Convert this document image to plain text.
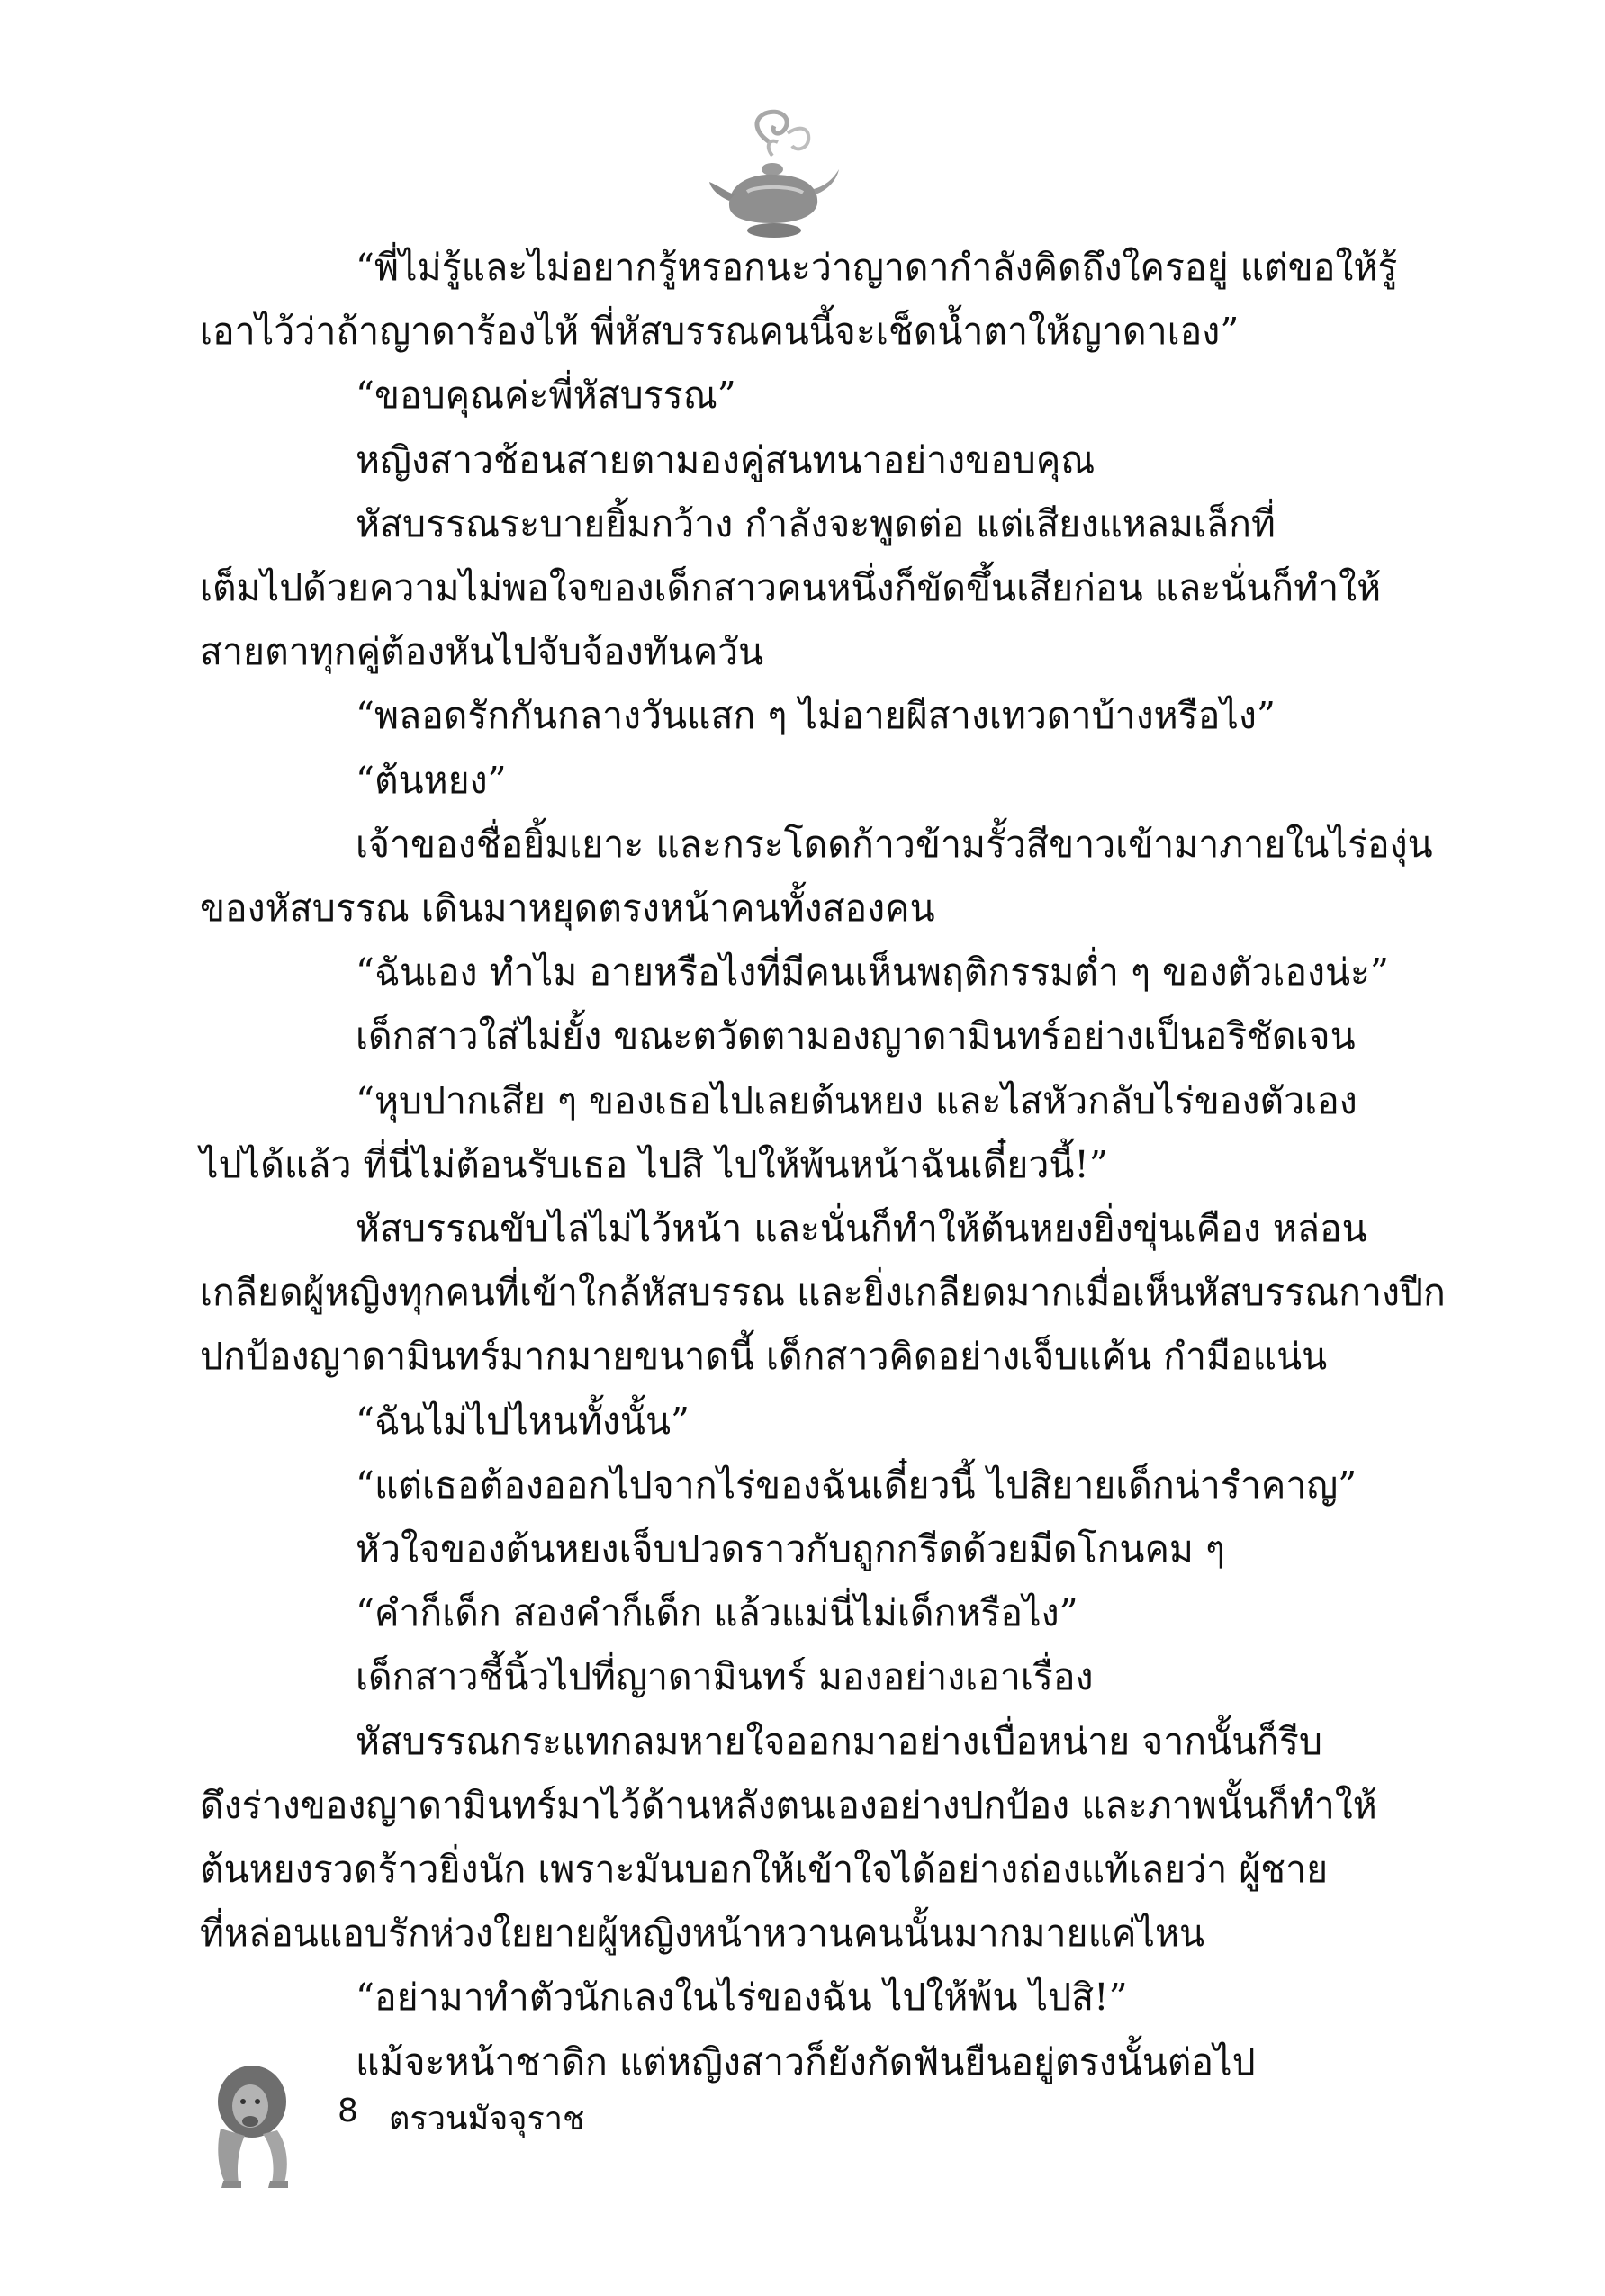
“พี่ไม่รู้และไม่อยากรู้หรอกนะว่าญาดากำลังคิดถึงใครอยู่ แต่ขอให้รู้

เอาไว้ว่าถ้าญาดาร้องไห้ พี่หัสบรรณคนนี้จะเช็ดน้ำตาให้ญาดาเอง”

“ขอบคุณค่ะพี่หัสบรรณ”

หญิงสาวช้อนสายตามองคู่สนทนาอย่างขอบคุณ

หัสบรรณระบายยิ้มกว้าง กำลังจะพูดต่อ แต่เสียงแหลมเล็กที่

เต็มไปด้วยความไม่พอใจของเด็กสาวคนหนึ่งก็ขัดขึ้นเสียก่อน และนั่นก็ทำให้

สายตาทุกคู่ต้องหันไปจับจ้องทันควัน

“พลอดรักกันกลางวันแสก ๆ ไม่อายผีสางเทวดาบ้างหรือไง”

“ต้นหยง”

เจ้าของชื่อยิ้มเยาะ และกระโดดก้าวข้ามรั้วสีขาวเข้ามาภายในไร่องุ่น

ของหัสบรรณ เดินมาหยุดตรงหน้าคนทั้งสองคน

“ฉันเอง ทำไม อายหรือไงที่มีคนเห็นพฤติกรรมต่ำ ๆ ของตัวเองน่ะ”

เด็กสาวใส่ไม่ยั้ง ขณะตวัดตามองญาดามินทร์อย่างเป็นอริชัดเจน

“หุบปากเสีย ๆ ของเธอไปเลยต้นหยง และไสหัวกลับไร่ของตัวเอง

ไปได้แล้ว ที่นี่ไม่ต้อนรับเธอ ไปสิ ไปให้พ้นหน้าฉันเดี๋ยวนี้!”

หัสบรรณขับไล่ไม่ไว้หน้า และนั่นก็ทำให้ต้นหยงยิ่งขุ่นเคือง หล่อน

เกลียดผู้หญิงทุกคนที่เข้าใกล้หัสบรรณ และยิ่งเกลียดมากเมื่อเห็นหัสบรรณกางปีก

ปกป้องญาดามินทร์มากมายขนาดนี้ เด็กสาวคิดอย่างเจ็บแค้น กำมือแน่น

“ฉันไม่ไปไหนทั้งนั้น”

“แต่เธอต้องออกไปจากไร่ของฉันเดี๋ยวนี้ ไปสิยายเด็กน่ารำคาญ”

หัวใจของต้นหยงเจ็บปวดราวกับถูกกรีดด้วยมีดโกนคม ๆ

“คำก็เด็ก สองคำก็เด็ก แล้วแม่นี่ไม่เด็กหรือไง”

เด็กสาวชี้นิ้วไปที่ญาดามินทร์ มองอย่างเอาเรื่อง

หัสบรรณกระแทกลมหายใจออกมาอย่างเบื่อหน่าย จากนั้นก็รีบ

ดึงร่างของญาดามินทร์มาไว้ด้านหลังตนเองอย่างปกป้อง และภาพนั้นก็ทำให้

ต้นหยงรวดร้าวยิ่งนัก เพราะมันบอกให้เข้าใจได้อย่างถ่องแท้เลยว่า ผู้ชาย

ที่หล่อนแอบรักห่วงใยยายผู้หญิงหน้าหวานคนนั้นมากมายแค่ไหน

“อย่ามาทำตัวนักเลงในไร่ของฉัน ไปให้พ้น ไปสิ!”

แม้จะหน้าชาดิก แต่หญิงสาวก็ยังกัดฟันยืนอยู่ตรงนั้นต่อไป

8 ตรวนมัจจุราช
